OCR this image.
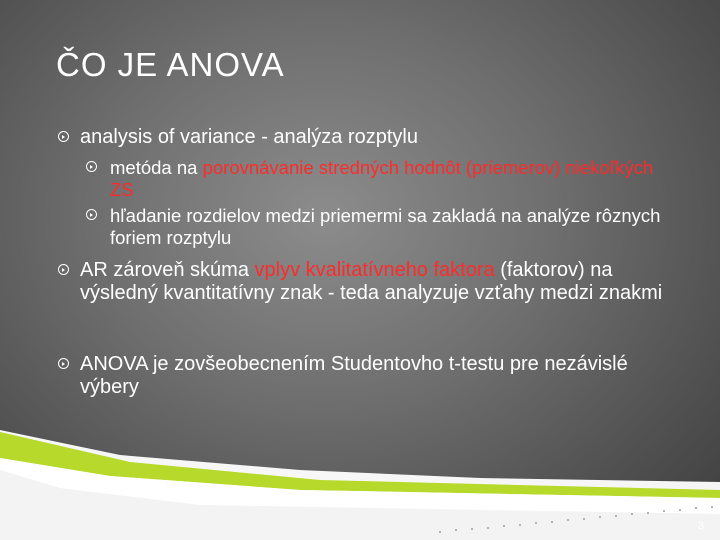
ČO JE ANOVA
analysis of variance - analýza rozptylu
metóda na porovnávanie stredných hodnôt (priemerov) niekoľkých ZS
hľadanie rozdielov medzi priemermi sa zakladá na analýze rôznych foriem rozptylu
AR zároveň skúma vplyv kvalitatívneho faktora (faktorov) na výsledný kvantitatívny znak - teda analyzuje vzťahy medzi znakmi
ANOVA je zovšeobecnením Studentovho t-testu pre nezávislé výbery
3
